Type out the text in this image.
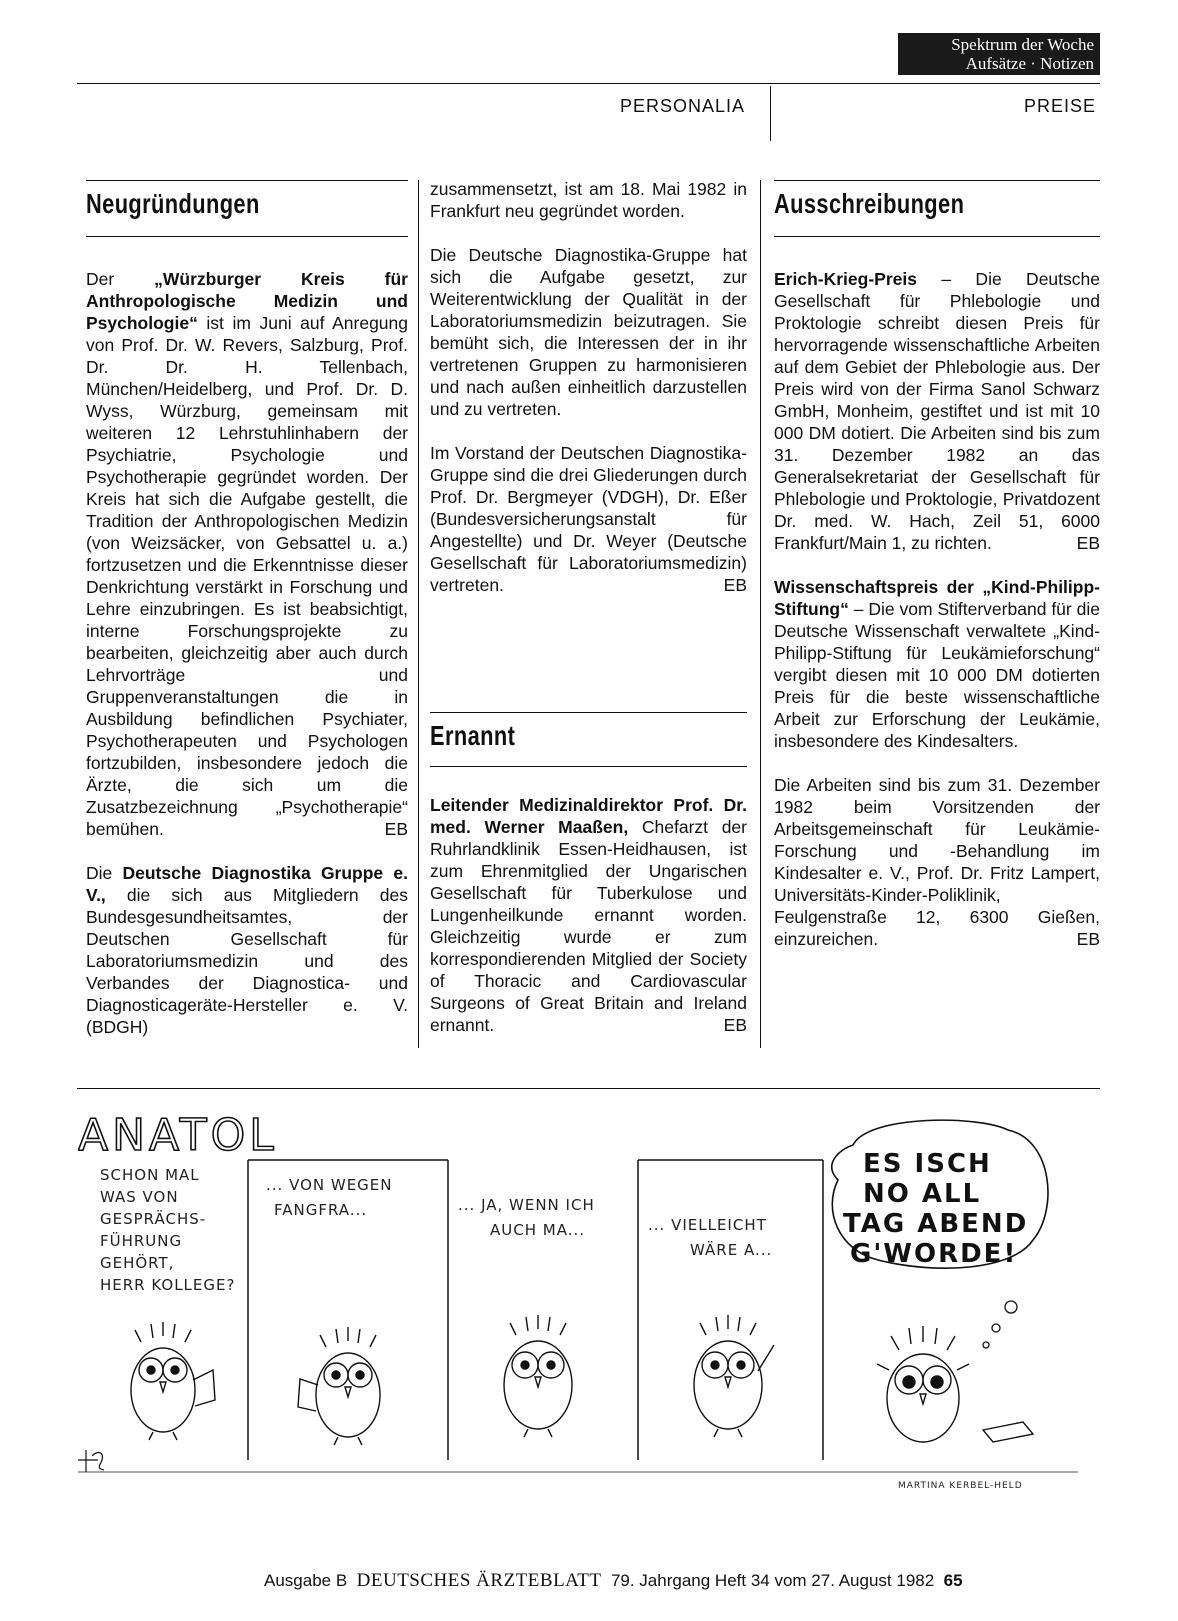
Spektrum der Woche
Aufsätze · Notizen
PERSONALIA	PREISE
Neugründungen

Der „Würzburger Kreis für Anthropologische Medizin und Psychologie“ ist im Juni auf Anregung von Prof. Dr. W. Revers, Salzburg, Prof. Dr. Dr. H. Tellenbach, München/Heidelberg, und Prof. Dr. D. Wyss, Würzburg, gemeinsam mit weiteren 12 Lehrstuhlinhabern der Psychiatrie, Psychologie und Psychotherapie gegründet worden. Der Kreis hat sich die Aufgabe gestellt, die Tradition der Anthropologischen Medizin (von Weizsäcker, von Gebsattel u. a.) fortzusetzen und die Erkenntnisse dieser Denkrichtung verstärkt in Forschung und Lehre einzubringen. Es ist beabsichtigt, interne Forschungsprojekte zu bearbeiten, gleichzeitig aber auch durch Lehrvorträge und Gruppenveranstaltungen die in Ausbildung befindlichen Psychiater, Psychotherapeuten und Psychologen fortzubilden, insbesondere jedoch die Ärzte, die sich um die Zusatzbezeichnung „Psychotherapie“ bemühen.	EB

Die Deutsche Diagnostika Gruppe e. V., die sich aus Mitgliedern des Bundesgesundheitsamtes, der Deutschen Gesellschaft für Laboratoriumsmedizin und des Verbandes der Diagnostica- und Diagnosticageräte-Hersteller e. V. (BDGH)

zusammensetzt, ist am 18. Mai 1982 in Frankfurt neu gegründet worden.

Die Deutsche Diagnostika-Gruppe hat sich die Aufgabe gesetzt, zur Weiterentwicklung der Qualität in der Laboratoriumsmedizin beizutragen. Sie bemüht sich, die Interessen der in ihr vertretenen Gruppen zu harmonisieren und nach außen einheitlich darzustellen und zu vertreten.

Im Vorstand der Deutschen Diagnostika-Gruppe sind die drei Gliederungen durch Prof. Dr. Bergmeyer (VDGH), Dr. Eßer (Bundesversicherungsanstalt für Angestellte) und Dr. Weyer (Deutsche Gesellschaft für Laboratoriumsmedizin) vertreten.	EB

Ernannt

Leitender Medizinaldirektor Prof. Dr. med. Werner Maaßen, Chefarzt der Ruhrlandklinik Essen-Heidhausen, ist zum Ehrenmitglied der Ungarischen Gesellschaft für Tuberkulose und Lungenheilkunde ernannt worden. Gleichzeitig wurde er zum korrespondierenden Mitglied der Society of Thoracic and Cardiovascular Surgeons of Great Britain and Ireland ernannt.	EB

Ausschreibungen

Erich-Krieg-Preis – Die Deutsche Gesellschaft für Phlebologie und Proktologie schreibt diesen Preis für hervorragende wissenschaftliche Arbeiten auf dem Gebiet der Phlebologie aus. Der Preis wird von der Firma Sanol Schwarz GmbH, Monheim, gestiftet und ist mit 10 000 DM dotiert. Die Arbeiten sind bis zum 31. Dezember 1982 an das Generalsekretariat der Gesellschaft für Phlebologie und Proktologie, Privatdozent Dr. med. W. Hach, Zeil 51, 6000 Frankfurt/Main 1, zu richten.	EB

Wissenschaftspreis der „Kind-Philipp-Stiftung“ – Die vom Stifterverband für die Deutsche Wissenschaft verwaltete „Kind-Philipp-Stiftung für Leukämieforschung“ vergibt diesen mit 10 000 DM dotierten Preis für die beste wissenschaftliche Arbeit zur Erforschung der Leukämie, insbesondere des Kindesalters.

Die Arbeiten sind bis zum 31. Dezember 1982 beim Vorsitzenden der Arbeitsgemeinschaft für Leukämie-Forschung und -Behandlung im Kindesalter e. V., Prof. Dr. Fritz Lampert, Universitäts-Kinder-Poliklinik, Feulgenstraße 12, 6300 Gießen, einzureichen.	EB

ANATOL
SCHON MAL
WAS VON
GESPRÄCHS-
FÜHRUNG
GEHÖRT,
HERR KOLLEGE?
... VON WEGEN
FANGFRA...	... JA, WENN ICH
AUCH MA...	... VIELLEICHT
WÄRE A...
ES ISCH
NO ALL
TAG ABEND
G'WORDE!
MARTINA KERBEL-HELD
Ausgabe B DEUTSCHES ÄRZTEBLATT 79. Jahrgang Heft 34 vom 27. August 1982 65
